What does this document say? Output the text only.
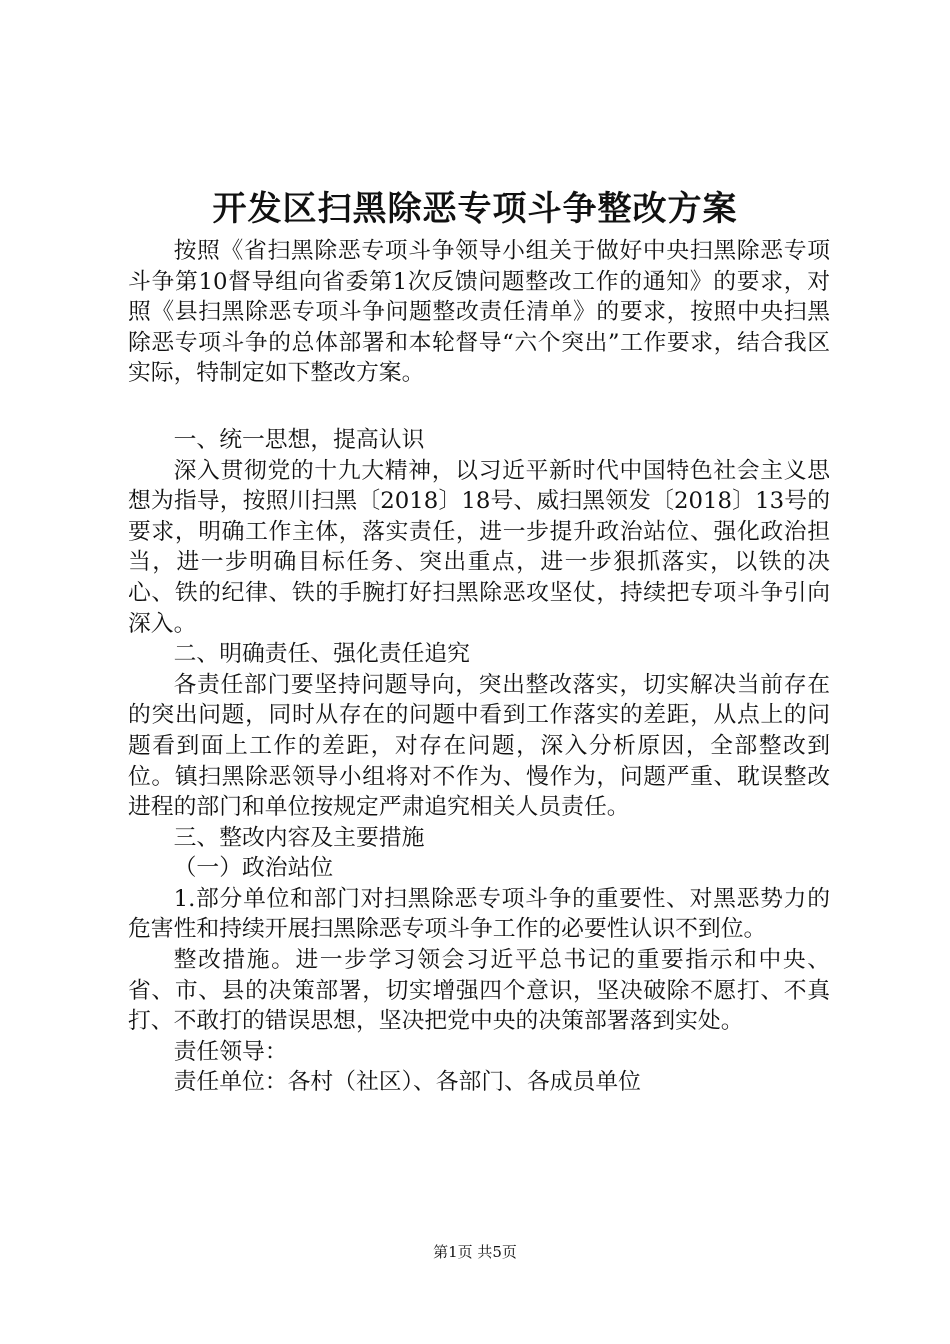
开发区扫黑除恶专项斗争整改方案

按照《省扫黑除恶专项斗争领导小组关于做好中央扫黑除恶专项斗争第10督导组向省委第1次反馈问题整改工作的通知》的要求，对照《县扫黑除恶专项斗争问题整改责任清单》的要求，按照中央扫黑除恶专项斗争的总体部署和本轮督导“六个突出”工作要求，结合我区实际，特制定如下整改方案。

一、统一思想，提高认识

深入贯彻党的十九大精神，以习近平新时代中国特色社会主义思想为指导，按照川扫黑〔2018〕18号、威扫黑领发〔2018〕13号的要求，明确工作主体，落实责任，进一步提升政治站位、强化政治担当，进一步明确目标任务、突出重点，进一步狠抓落实，以铁的决心、铁的纪律、铁的手腕打好扫黑除恶攻坚仗，持续把专项斗争引向深入。

二、明确责任、强化责任追究

各责任部门要坚持问题导向，突出整改落实，切实解决当前存在的突出问题，同时从存在的问题中看到工作落实的差距，从点上的问题看到面上工作的差距，对存在问题，深入分析原因，全部整改到位。镇扫黑除恶领导小组将对不作为、慢作为，问题严重、耽误整改进程的部门和单位按规定严肃追究相关人员责任。

三、整改内容及主要措施

（一）政治站位

1.部分单位和部门对扫黑除恶专项斗争的重要性、对黑恶势力的危害性和持续开展扫黑除恶专项斗争工作的必要性认识不到位。

整改措施。进一步学习领会习近平总书记的重要指示和中央、省、市、县的决策部署，切实增强四个意识，坚决破除不愿打、不真打、不敢打的错误思想，坚决把党中央的决策部署落到实处。

责任领导：

责任单位：各村（社区）、各部门、各成员单位

第1页 共5页
